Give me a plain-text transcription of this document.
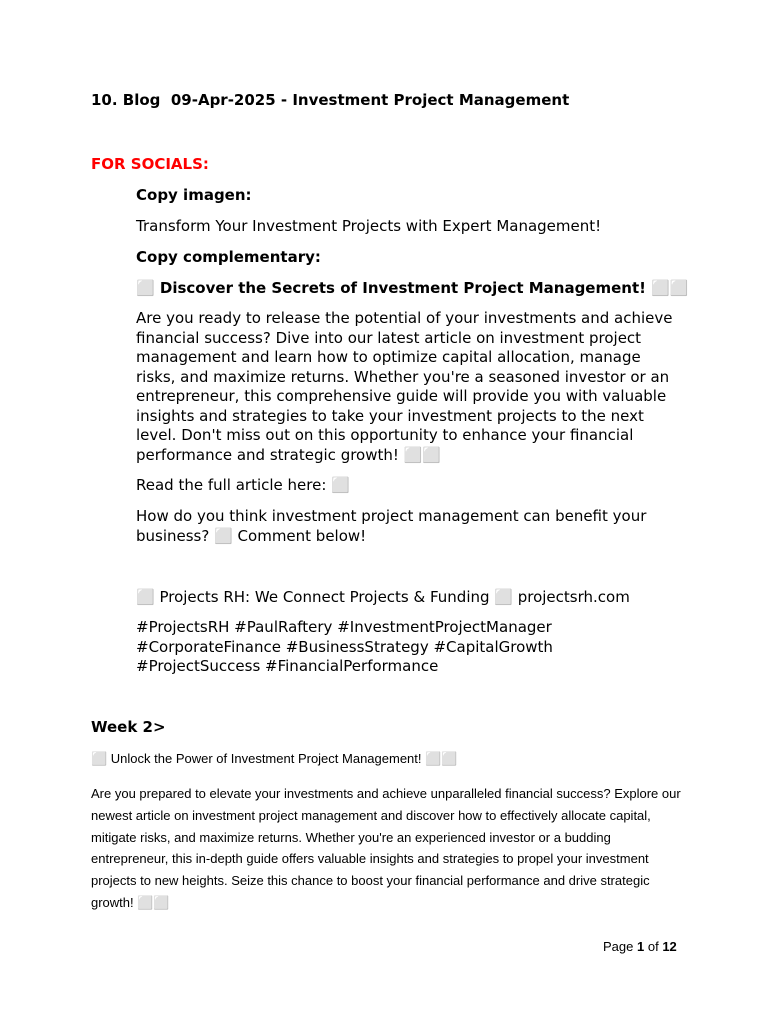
10. Blog  09-Apr-2025 - Investment Project Management

FOR SOCIALS:

Copy imagen:

Transform Your Investment Projects with Expert Management!

Copy complementary:

⬜ Discover the Secrets of Investment Project Management! ⬜⬜

Are you ready to release the potential of your investments and achieve financial success? Dive into our latest article on investment project management and learn how to optimize capital allocation, manage risks, and maximize returns. Whether you're a seasoned investor or an entrepreneur, this comprehensive guide will provide you with valuable insights and strategies to take your investment projects to the next level. Don't miss out on this opportunity to enhance your financial performance and strategic growth! ⬜⬜

Read the full article here: ⬜

How do you think investment project management can benefit your business? ⬜ Comment below!

⬜ Projects RH: We Connect Projects & Funding ⬜ projectsrh.com

#ProjectsRH #PaulRaftery #InvestmentProjectManager #CorporateFinance #BusinessStrategy #CapitalGrowth #ProjectSuccess #FinancialPerformance

Week 2>

⬜ Unlock the Power of Investment Project Management! ⬜⬜

Are you prepared to elevate your investments and achieve unparalleled financial success? Explore our newest article on investment project management and discover how to effectively allocate capital, mitigate risks, and maximize returns. Whether you're an experienced investor or a budding entrepreneur, this in-depth guide offers valuable insights and strategies to propel your investment projects to new heights. Seize this chance to boost your financial performance and drive strategic growth! ⬜⬜

Page 1 of 12
